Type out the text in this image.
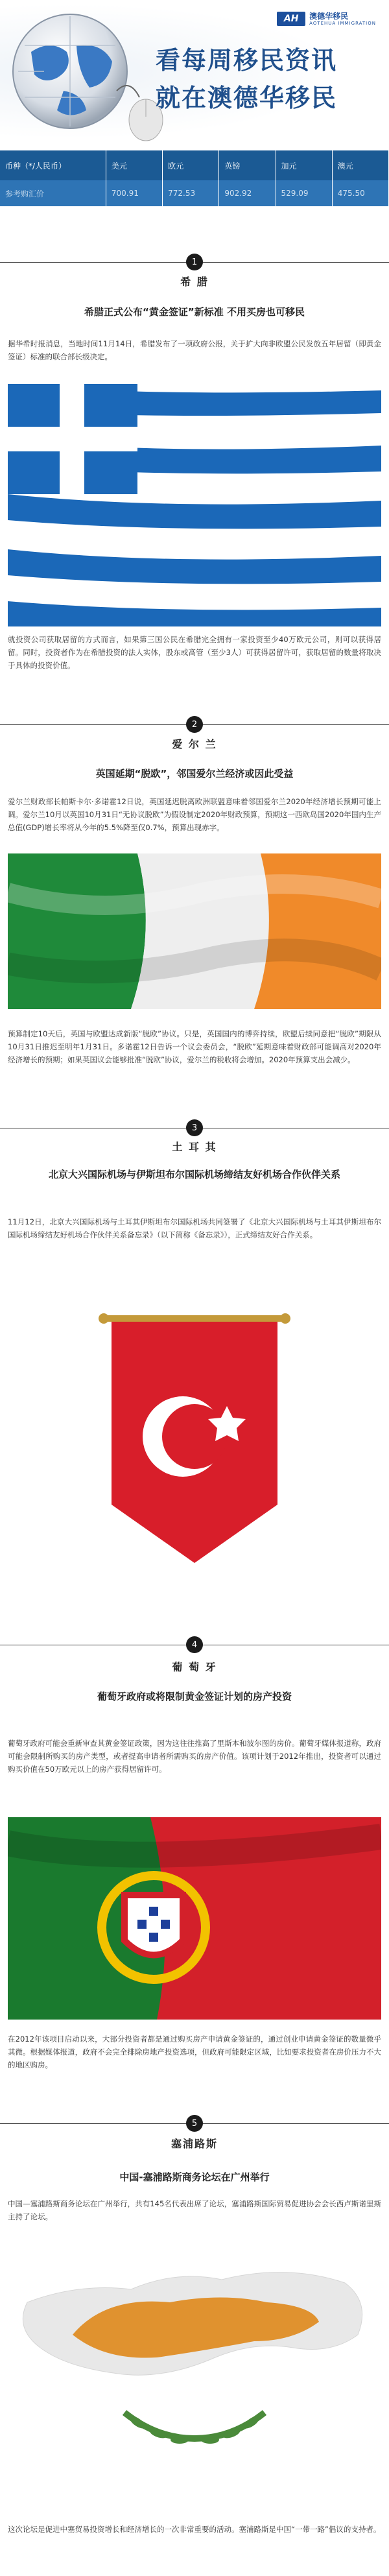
AH	澳德华移民
AOTEHUA IMMIGRATION
看每周移民资讯
就在澳德华移民
币种（*/人民币）	美元	欧元	英镑	加元	澳元
参考购汇价	700.91	772.53	902.92	529.09	475.50
1
希 腊
希腊正式公布“黄金签证”新标准 不用买房也可移民
据华希时报消息，当地时间11月14日，希腊发布了一项政府公报，关于扩大向非欧盟公民发放五年居留（即黄金签证）标准的联合部长级决定。
就投资公司获取居留的方式而言，如果第三国公民在希腊完全拥有一家投资至少40万欧元公司，则可以获得居留。同时，投资者作为在希腊投资的法人实体，股东或高管（至少3人）可获得居留许可，获取居留的数量将取决于具体的投资价值。
2
爱 尔 兰
英国延期“脱欧”，邻国爱尔兰经济或因此受益
爱尔兰财政部长帕斯卡尔·多诺霍12日说，英国延迟脱离欧洲联盟意味着邻国爱尔兰2020年经济增长预期可能上调。爱尔兰10月以英国10月31日“无协议脱欧”为假设制定2020年财政预算，预期这一西欧岛国2020年国内生产总值(GDP)增长率将从今年的5.5%降至仅0.7%，预算出现赤字。
预算制定10天后，英国与欧盟达成新版“脱欧”协议。只是，英国国内的博弈持续，欧盟后续同意把“脱欧”期限从10月31日推迟至明年1月31日。多诺霍12日告诉一个议会委员会，“脱欧”延期意味着财政部可能调高对2020年经济增长的预期；如果英国议会能够批准“脱欧”协议，爱尔兰的税收将会增加。2020年预算支出会减少。
3
土 耳 其
北京大兴国际机场与伊斯坦布尔国际机场缔结友好机场合作伙伴关系
11月12日，北京大兴国际机场与土耳其伊斯坦布尔国际机场共同签署了《北京大兴国际机场与土耳其伊斯坦布尔国际机场缔结友好机场合作伙伴关系备忘录》（以下简称《备忘录》），正式缔结友好合作关系。
4
葡 萄 牙
葡萄牙政府或将限制黄金签证计划的房产投资
葡萄牙政府可能会重新审查其黄金签证政策，因为这往往推高了里斯本和波尔图的房价。葡萄牙媒体报道称，政府可能会限制所购买的房产类型，或者提高申请者所需购买的房产价值。该项计划于2012年推出，投资者可以通过购买价值在50万欧元以上的房产获得居留许可。
在2012年该项目启动以来，大部分投资者都是通过购买房产申请黄金签证的，通过创业申请黄金签证的数量微乎其微。根据媒体报道，政府不会完全排除房地产投资选项，但政府可能限定区域，比如要求投资者在房价压力不大的地区购房。
5
塞浦路斯
中国-塞浦路斯商务论坛在广州举行
中国—塞浦路斯商务论坛在广州举行，共有145名代表出席了论坛，塞浦路斯国际贸易促进协会会长西卢斯诺里斯主持了论坛。
这次论坛是促进中塞贸易投资增长和经济增长的一次非常重要的活动。塞浦路斯是中国“一带一路”倡议的支持者。
